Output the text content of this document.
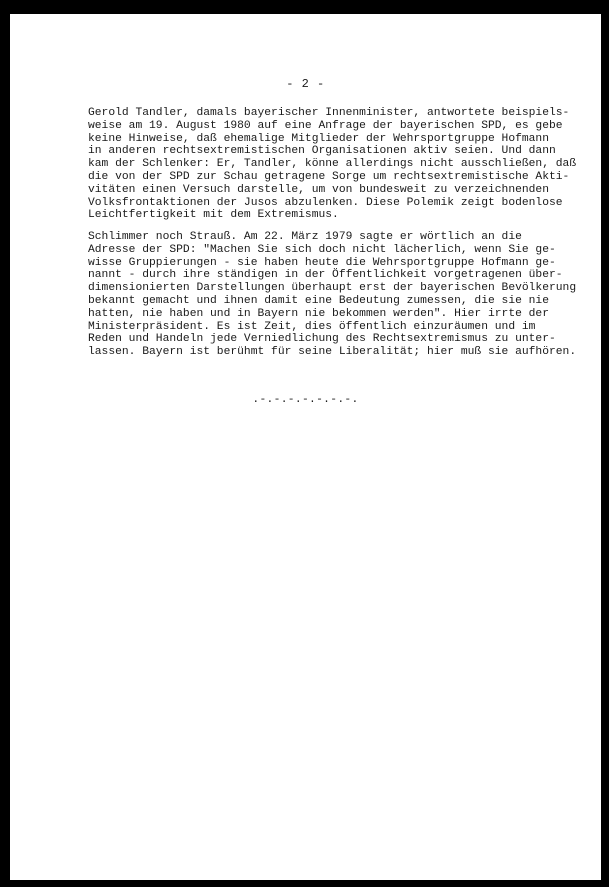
- 2 -
Gerold Tandler, damals bayerischer Innenminister, antwortete beispiels-
weise am 19. August 1980 auf eine Anfrage der bayerischen SPD, es gebe
keine Hinweise, daß ehemalige Mitglieder der Wehrsportgruppe Hofmann
in anderen rechtsextremistischen Organisationen aktiv seien. Und dann
kam der Schlenker: Er, Tandler, könne allerdings nicht ausschließen, daß
die von der SPD zur Schau getragene Sorge um rechtsextremistische Akti-
vitäten einen Versuch darstelle, um von bundesweit zu verzeichnenden
Volksfrontaktionen der Jusos abzulenken. Diese Polemik zeigt bodenlose
Leichtfertigkeit mit dem Extremismus.
Schlimmer noch Strauß. Am 22. März 1979 sagte er wörtlich an die
Adresse der SPD: "Machen Sie sich doch nicht lächerlich, wenn Sie ge-
wisse Gruppierungen - sie haben heute die Wehrsportgruppe Hofmann ge-
nannt - durch ihre ständigen in der Öffentlichkeit vorgetragenen über-
dimensionierten Darstellungen überhaupt erst der bayerischen Bevölkerung
bekannt gemacht und ihnen damit eine Bedeutung zumessen, die sie nie
hatten, nie haben und in Bayern nie bekommen werden". Hier irrte der
Ministerpräsident. Es ist Zeit, dies öffentlich einzuräumen und im
Reden und Handeln jede Verniedlichung des Rechtsextremismus zu unter-
lassen. Bayern ist berühmt für seine Liberalität; hier muß sie aufhören.
.-.-.-.-.-.-.-.
